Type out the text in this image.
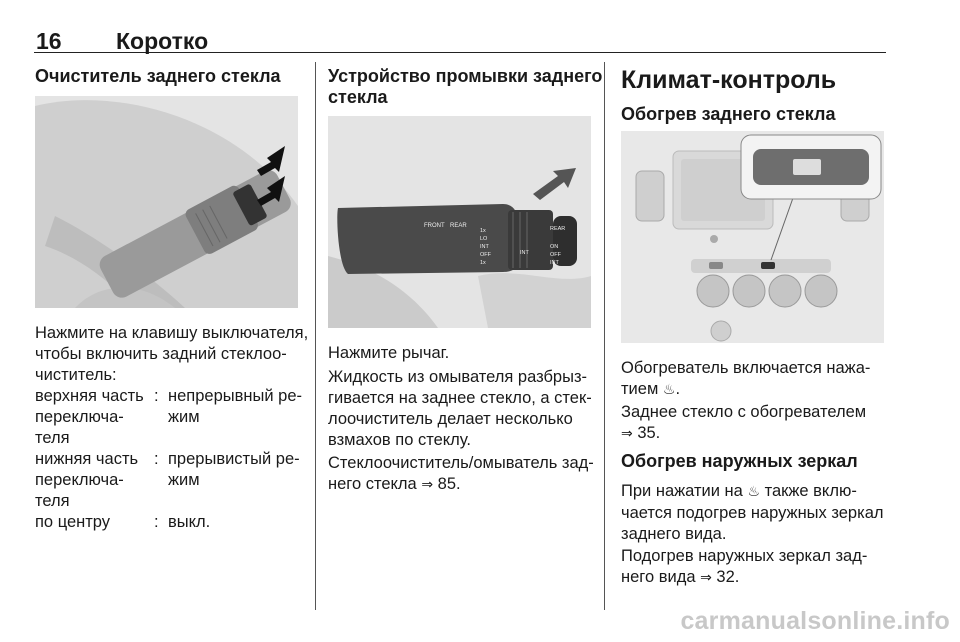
16 Коротко
Очиститель заднего стекла
Нажмите на клавишу выключателя,
чтобы включить задний стеклоо-
чиститель:
верхняя часть
переключа-
теля
: непрерывный ре-
жим
нижняя часть
переключа-
теля
: прерывистый ре-
жим
по центру	: выкл.
Устройство промывки заднего
стекла
FRONT REAR
1x
LO
INT
OFF
1x
REAR
ON
OFF
INT
INT
Нажмите рычаг.
Жидкость из омывателя разбрыз-
гивается на заднее стекло, а стек-
лоочиститель делает несколько
взмахов по стеклу.
Стеклоочиститель/омыватель зад-
него стекла ⇒ 85.
Климат-контроль
Обогрев заднего стекла
Обогреватель включается нажа-
тием ♨.
Заднее стекло с обогревателем
⇒ 35.
Обогрев наружных зеркал
При нажатии на ♨ также вклю-
чается подогрев наружных зеркал
заднего вида.
Подогрев наружных зеркал зад-
него вида ⇒ 32.
carmanualsonline.info
